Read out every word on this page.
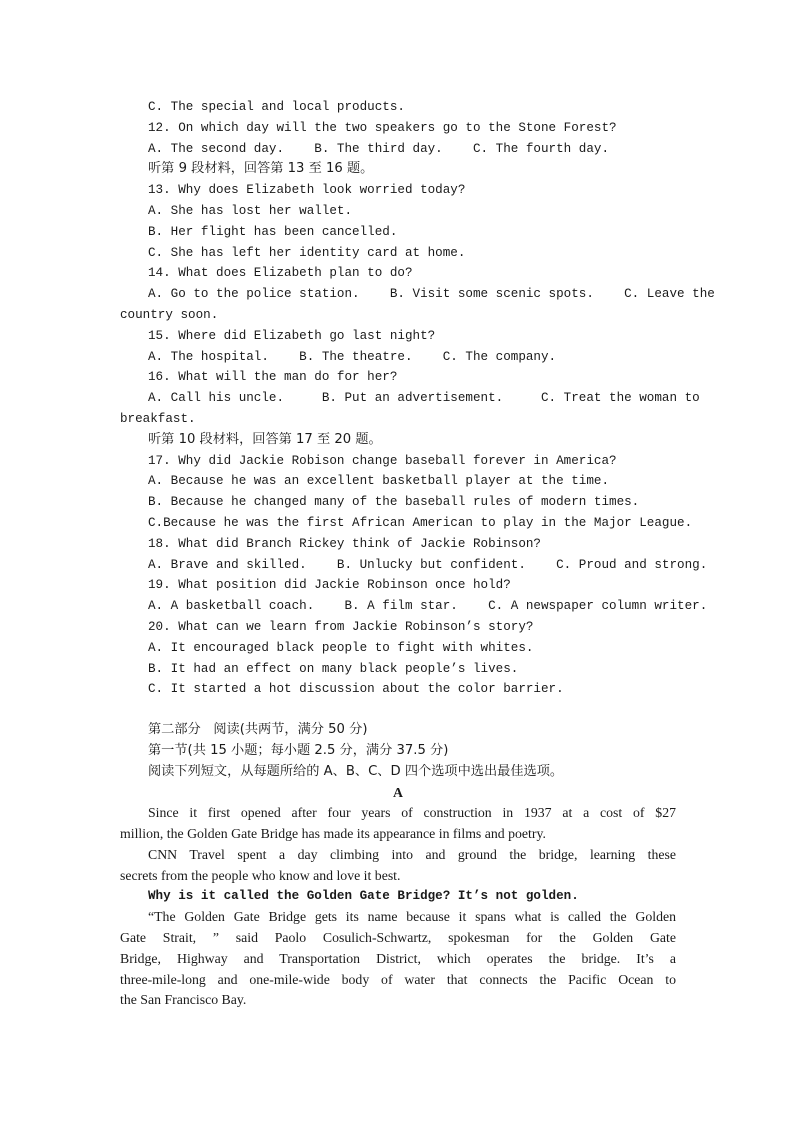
C. The special and local products.
12. On which day will the two speakers go to the Stone Forest?
A. The second day.    B. The third day.    C. The fourth day.
听第 9 段材料，回答第 13 至 16 题。
13. Why does Elizabeth look worried today?
A. She has lost her wallet.
B. Her flight has been cancelled.
C. She has left her identity card at home.
14. What does Elizabeth plan to do?
A. Go to the police station.    B. Visit some scenic spots.    C. Leave the
country soon.
15. Where did Elizabeth go last night?
A. The hospital.    B. The theatre.    C. The company.
16. What will the man do for her?
A. Call his uncle.     B. Put an advertisement.     C. Treat the woman to
breakfast.
听第 10 段材料，回答第 17 至 20 题。
17. Why did Jackie Robison change baseball forever in America?
A. Because he was an excellent basketball player at the time.
B. Because he changed many of the baseball rules of modern times.
C.Because he was the first African American to play in the Major League.
18. What did Branch Rickey think of Jackie Robinson?
A. Brave and skilled.    B. Unlucky but confident.    C. Proud and strong.
19. What position did Jackie Robinson once hold?
A. A basketball coach.    B. A film star.    C. A newspaper column writer.
20. What can we learn from Jackie Robinson’s story?
A. It encouraged black people to fight with whites.
B. It had an effect on many black people’s lives.
C. It started a hot discussion about the color barrier.
第二部分   阅读(共两节，满分 50 分)
第一节(共 15 小题；每小题 2.5 分，满分 37.5 分)
阅读下列短文，从每题所给的 A、B、C、D 四个选项中选出最佳选项。
A
Since it first opened after four years of construction in 1937 at a cost of $27
million, the Golden Gate Bridge has made its appearance in films and poetry.
CNN Travel spent a day climbing into and ground the bridge, learning these
secrets from the people who know and love it best.
Why is it called the Golden Gate Bridge? It’s not golden.
“The Golden Gate Bridge gets its name because it spans what is called the Golden
Gate Strait, ” said Paolo Cosulich-Schwartz, spokesman for the Golden Gate
Bridge, Highway and Transportation District, which operates the bridge. It’s a
three-mile-long and one-mile-wide body of water that connects the Pacific Ocean to
the San Francisco Bay.
